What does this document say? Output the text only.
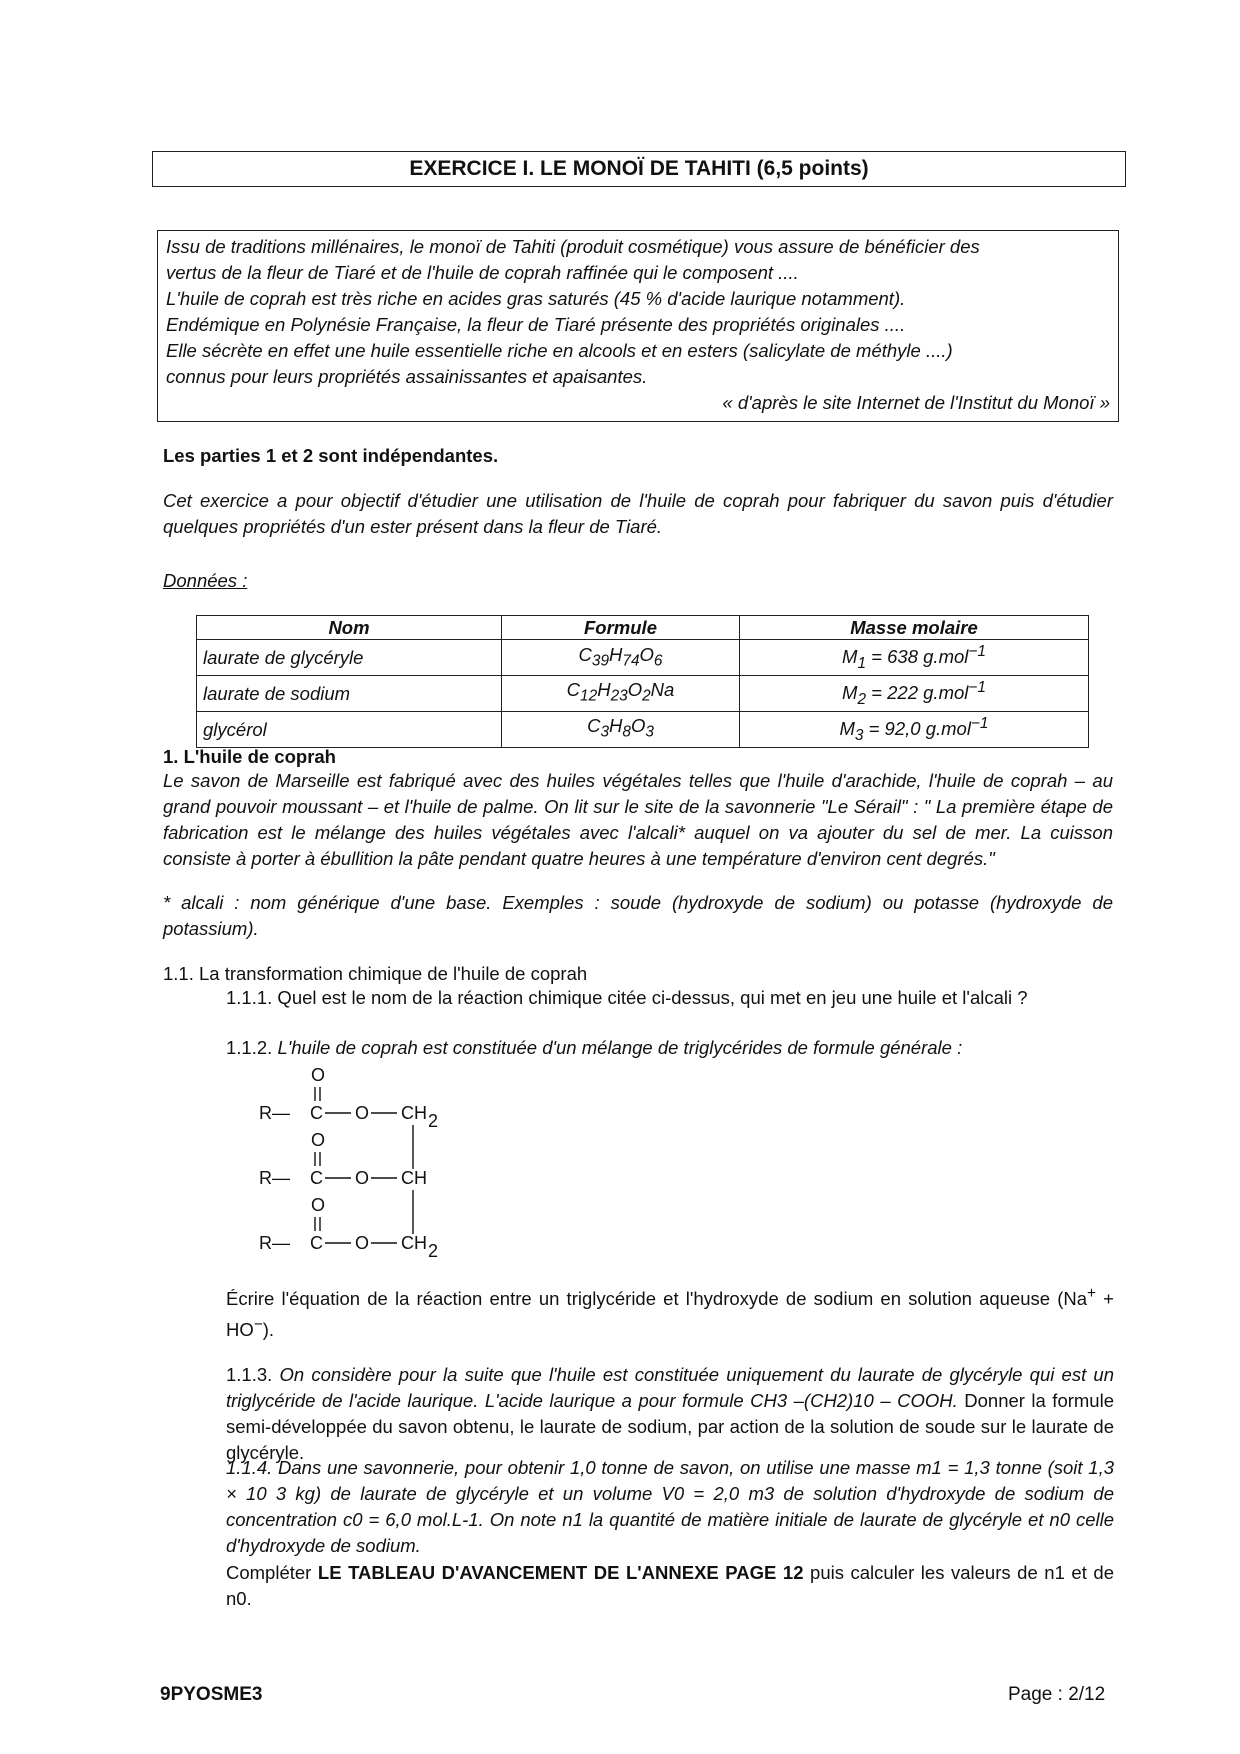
EXERCICE I. LE MONOÏ DE TAHITI (6,5 points)

Issu de traditions millénaires, le monoï de Tahiti (produit cosmétique) vous assure de bénéficier des

vertus de la fleur de Tiaré et de l'huile de coprah raffinée qui le composent ....

L'huile de coprah est très riche en acides gras saturés (45 % d'acide laurique notamment).

Endémique en Polynésie Française, la fleur de Tiaré présente des propriétés originales ....

Elle sécrète en effet une huile essentielle riche en alcools et en esters (salicylate de méthyle ....)

connus pour leurs propriétés assainissantes et apaisantes.

« d'après le site Internet de l'Institut du Monoï »

Les parties 1 et 2 sont indépendantes.
Cet exercice a pour objectif d'étudier une utilisation de l'huile de coprah pour fabriquer du savon puis d'étudier quelques propriétés d'un ester présent dans la fleur de Tiaré.
Données :
Nom	Formule	Masse molaire
laurate de glycéryle	$C_{39}H_{74}O_6$	$M_1 = 638$ g.mol$^{-1}$
laurate de sodium	$C_{12}H_{23}O_2Na$	$M_2 = 222$ g.mol$^{-1}$
glycérol	$C_3H_8O_3$	$M_3 = 92,0$ g.mol$^{-1}$
1. L'huile de coprah
Le savon de Marseille est fabriqué avec des huiles végétales telles que l'huile d'arachide, l'huile de coprah – au grand pouvoir moussant – et l'huile de palme. On lit sur le site de la savonnerie "Le Sérail" : " La première étape de fabrication est le mélange des huiles végétales avec l'alcali* auquel on va ajouter du sel de mer. La cuisson consiste à porter à ébullition la pâte pendant quatre heures à une température d'environ cent degrés."
* alcali : nom générique d'une base. Exemples : soude (hydroxyde de sodium) ou potasse (hydroxyde de potassium).
1.1. La transformation chimique de l'huile de coprah
1.1.1. Quel est le nom de la réaction chimique citée ci-dessus, qui met en jeu une huile et l'alcali ?
1.1.2. L'huile de coprah est constituée d'un mélange de triglycérides de formule générale :
O
R— C O CH 2
O
R— C O CH
O
R— C O CH 2
Écrire l'équation de la réaction entre un triglycéride et l'hydroxyde de sodium en solution aqueuse (Na+ + HO−).
1.1.3. On considère pour la suite que l'huile est constituée uniquement du laurate de glycéryle qui est un triglycéride de l'acide laurique. L'acide laurique a pour formule CH3 –(CH2)10 – COOH. Donner la formule semi-développée du savon obtenu, le laurate de sodium, par action de la solution de soude sur le laurate de glycéryle.
1.1.4. Dans une savonnerie, pour obtenir 1,0 tonne de savon, on utilise une masse m1 = 1,3 tonne (soit 1,3 × 10 3 kg) de laurate de glycéryle et un volume V0 = 2,0 m3 de solution d'hydroxyde de sodium de concentration c0 = 6,0 mol.L-1. On note n1 la quantité de matière initiale de laurate de glycéryle et n0 celle d'hydroxyde de sodium.
Compléter LE TABLEAU D'AVANCEMENT DE L'ANNEXE PAGE 12 puis calculer les valeurs de n1 et de n0.
9PYOSME3	Page : 2/12
